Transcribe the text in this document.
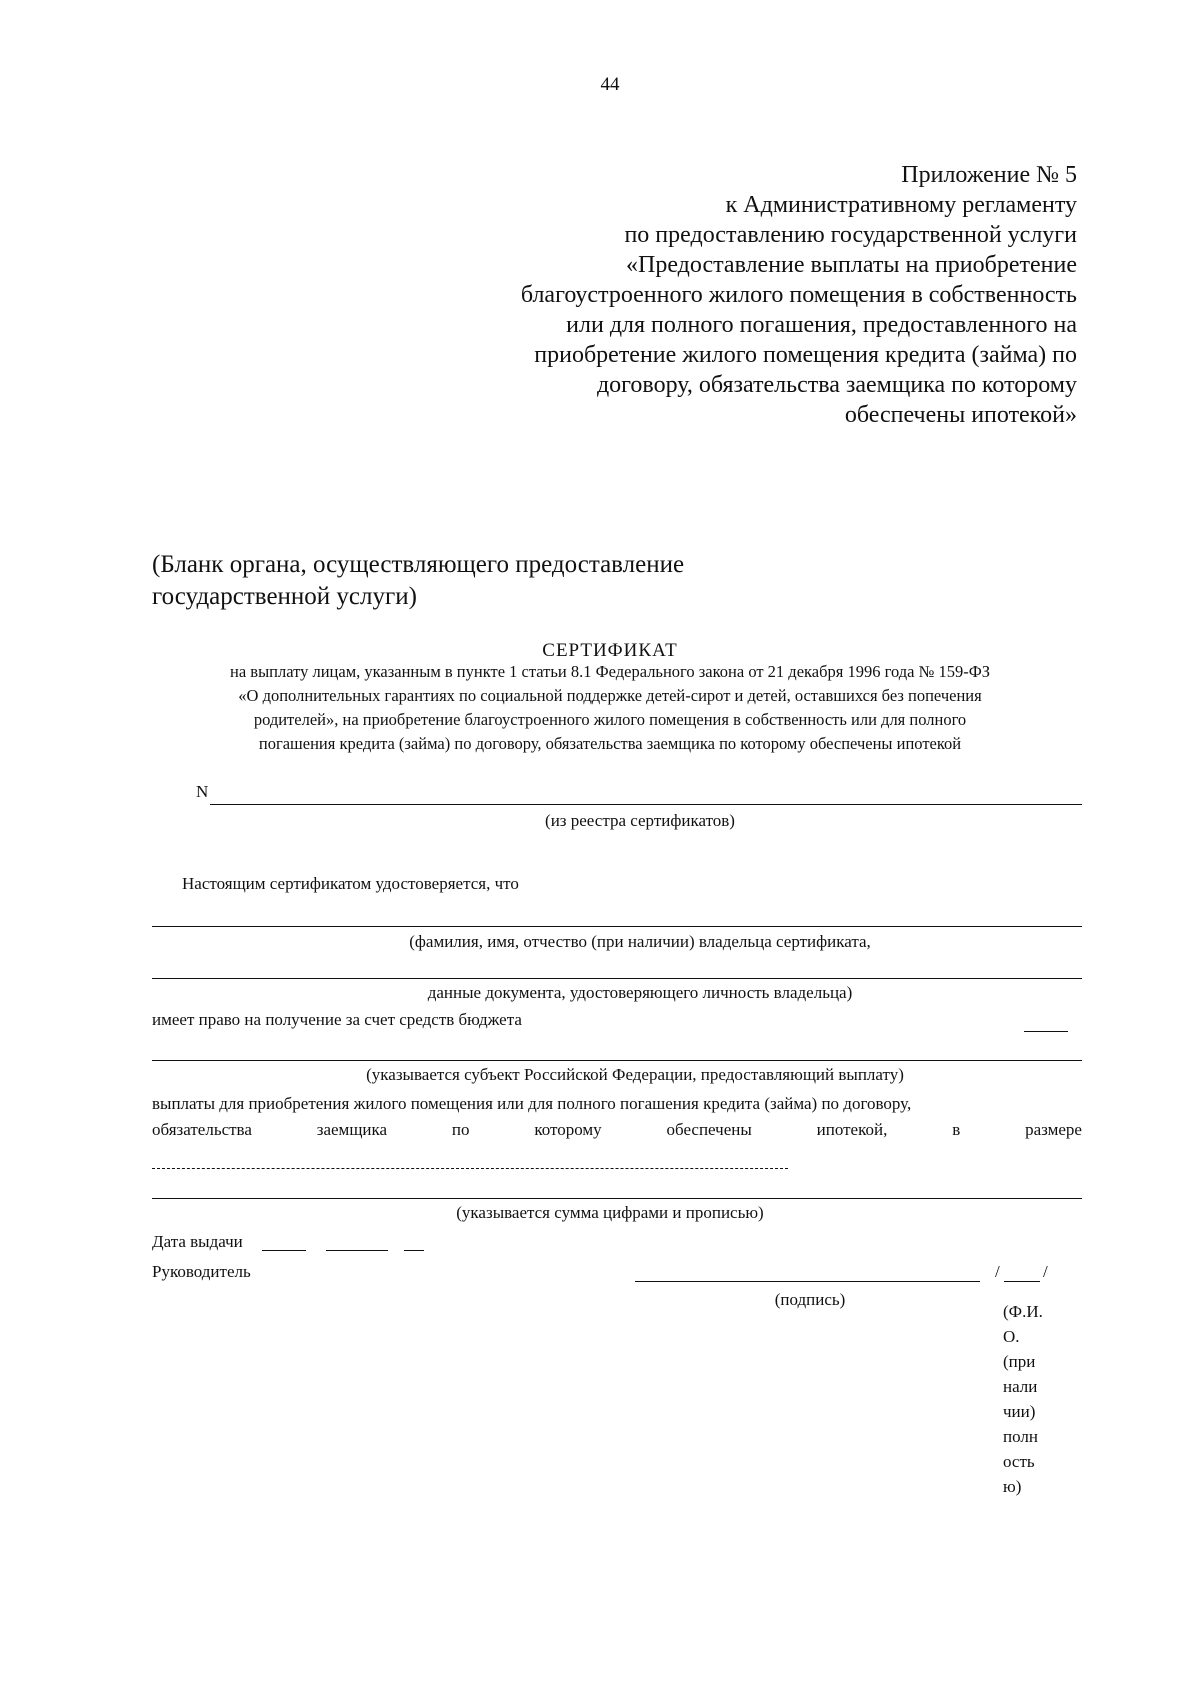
44
Приложение № 5
к Административному регламенту
по предоставлению государственной услуги
«Предоставление выплаты на приобретение
благоустроенного жилого помещения в собственность
или для полного погашения, предоставленного на
приобретение жилого помещения кредита (займа) по
договору, обязательства заемщика по которому
обеспечены ипотекой»
(Бланк органа, осуществляющего предоставление
государственной услуги)
СЕРТИФИКАТ
на выплату лицам, указанным в пункте 1 статьи 8.1 Федерального закона от 21 декабря 1996 года № 159-ФЗ
«О дополнительных гарантиях по социальной поддержке детей-сирот и детей, оставшихся без попечения
родителей», на приобретение благоустроенного жилого помещения в собственность или для полного
погашения кредита (займа) по договору, обязательства заемщика по которому обеспечены ипотекой
N
(из реестра сертификатов)
Настоящим сертификатом удостоверяется, что
(фамилия, имя, отчество (при наличии) владельца сертификата,
данные документа, удостоверяющего личность владельца)
имеет право на получение за счет средств бюджета
(указывается субъект Российской Федерации, предоставляющий выплату)
выплаты для приобретения жилого помещения или для полного погашения кредита (займа) по договору,
обязательства	заемщика	по	которому	обеспечены	ипотекой,	в	размере
(указывается сумма цифрами и прописью)
Дата выдачи
Руководитель
(подпись)
/	/
(Ф.И.
О.
(при
нали
чии)
полн
ость
ю)
